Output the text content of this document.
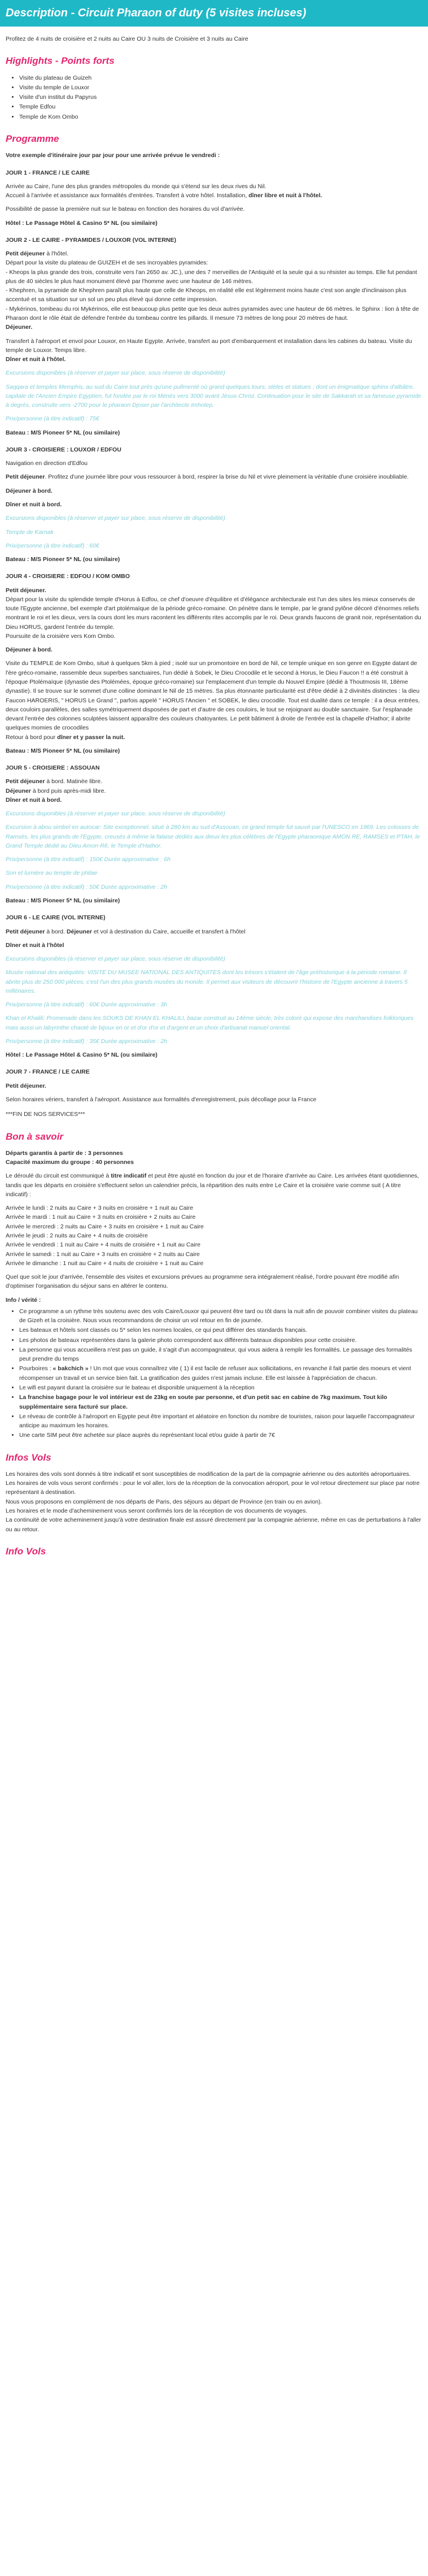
Description - Circuit Pharaon of duty (5 visites incluses)

Profitez de 4 nuits de croisière et 2 nuits au Caire OU 3 nuits de Croisière et 3 nuits au Caire

Highlights - Points forts
• Visite du plateau de Guizeh
• Visite du temple de Louxor
• Visite d'un institut du Papyrus
• Temple Edfou
• Temple de Kom Ombo
Programme

Votre exemple d'itinéraire jour par jour pour une arrivée prévue le vendredi :

JOUR 1 - FRANCE / LE CAIRE

Arrivée au Caire, l'une des plus grandes métropoles du monde qui s'étend sur les deux rives du Nil.

Accueil à l'arrivée et assistance aux formalités d'entrées. Transfert à votre hôtel. Installation, dîner libre et nuit à l'hôtel.

Possibilité de passe la première nuit sur le bateau en fonction des horaires du vol d'arrivée.

Hôtel : Le Passage Hôtel & Casino 5* NL (ou similaire)

JOUR 2 - LE CAIRE - PYRAMIDES / LOUXOR (VOL INTERNE)

Petit déjeuner à l'hôtel.

Départ pour la visite du plateau de GUIZEH et de ses incroyables pyramides:

- Kheops la plus grande des trois, construite vers l'an 2650 av. JC.), une des 7 merveilles de l'Antiquité et la seule qui a su résister au temps. Elle fut pendant plus de 40 siècles le plus haut monument élevé par l'homme avec une hauteur de 146 mètres.

- Khephren, la pyramide de Khephren paraît plus haute que celle de Kheops, en réalité elle est légèrement moins haute c'est son angle d'inclinaison plus accentué et sa situation sur un sol un peu plus élevé qui donne cette impression.

- Mykérinos, tombeau du roi Mykérinos, elle est beaucoup plus petite que les deux autres pyramides avec une hauteur de 66 mètres. le Sphinx : lion à tête de Pharaon dont le rôle était de défendre l'entrée du tombeau contre les pillards. Il mesure 73 mètres de long pour 20 mètres de haut.

Déjeuner.

Transfert à l'aéroport et envol pour Louxor, en Haute Egypte. Arrivée, transfert au port d'embarquement et installation dans les cabines du bateau. Visite du temple de Louxor. Temps libre.

Dîner et nuit à l'hôtel.

Excursions disponibles (à réserver et payer sur place, sous réserve de disponibilité)

Saqqara et temples Memphis, au sud du Caire tout près qu'une pullmenté où grand quelques tours, stèles et statues ; dont un énigmatique sphinx d'albâtre, capitale de l'Ancien Empire Egyptien, fut fondée par le roi Ménès vers 3000 avant Jésus-Christ. Continuation pour le site de Sakkarah et sa fameuse pyramide à degrés, construite vers -2700 pour le pharaon Djoser par l'architecte Imhotep.

Prix/personne (à titre indicatif) : 75€

Bateau : M/S Pioneer 5* NL (ou similaire)

JOUR 3 - CROISIERE : LOUXOR / EDFOU

Navigation en direction d'Edfou

Petit déjeuner. Profitez d'une journée libre pour vous ressourcer à bord, respirer la brise du Nil et vivre pleinement la véritable d'une croisière inoubliable.

Déjeuner à bord.

Dîner et nuit à bord.

Excursions disponibles (à réserver et payer sur place, sous réserve de disponibilité)

Temple de Karnak

Prix/personne (à titre indicatif) : 60€

Bateau : M/S Pioneer 5* NL (ou similaire)

JOUR 4 - CROISIERE : EDFOU / KOM OMBO

Petit déjeuner.

Départ pour la visite du splendide temple d'Horus à Edfou, ce chef d'oeuvre d'équilibre et d'élégance architecturale est l'un des sites les mieux conservés de toute l'Egypte ancienne, bel exemple d'art ptolémaïque de la période gréco-romaine. On pénètre dans le temple, par le grand pylône décoré d'énormes reliefs montrant le roi et les dieux, vers la cours dont les murs racontent les différents rites accomplis par le roi. Deux grands faucons de granit noir, représentation du Dieu HORUS, gardent l'entrée du temple.

Poursuite de la croisière vers Kom Ombo.

Déjeuner à bord.

Visite du TEMPLE de Kom Ombo, situé à quelques 5km à pied ; isolé sur un promontoire en bord de Nil, ce temple unique en son genre en Egypte datant de l'ère gréco-romaine, rassemble deux superbes sanctuaires, l'un dédié à Sobek, le Dieu Crocodile et le second à Horus, le Dieu Faucon !! a été construit à l'époque Ptolémaïque (dynastie des Ptolémées, époque gréco-romaine) sur l'emplacement d'un temple du Nouvel Empire (dédié à Thoutmosis III, 18ème dynastie). Il se trouve sur le sommet d'une colline dominant le Nil de 15 mètres. Sa plus étonnante particularité est d'être dédié à 2 divinités distinctes : la dieu Faucon HAROERIS, " HORUS Le Grand ", parfois appelé " HORUS l'Ancien " et SOBEK, le dieu crocodile. Tout est dualité dans ce temple : il a deux entrées, deux couloirs parallèles, des salles symétriquement disposées de part et d'autre de ces couloirs, le tout se rejoignant au double sanctuaire. Sur l'esplanade devant l'entrée des colonnes sculptées laissent apparaître des couleurs chatoyantes. Le petit bâtiment à droite de l'entrée est la chapelle d'Hathor; il abrite quelques momies de crocodiles

Retour à bord pour dîner et y passer la nuit.

Bateau : M/S Pioneer 5* NL (ou similaire)

JOUR 5 - CROISIERE : ASSOUAN

Petit déjeuner à bord. Matinée libre.

Déjeuner à bord puis après-midi libre.

Dîner et nuit à bord.

Excursions disponibles (à réserver et payer sur place, sous réserve de disponibilité)

Excursion à abou simbel en autocar: Site exceptionnel, situé à 280 km au sud d'Assouan, ce grand temple fut sauvé par l'UNESCO en 1969. Les colosses de Ramsès, les plus grands de l'Egypte, creusés à même la falaise dédiés aux dieux les plus célèbres de l'Egypte pharaonique AMON RE, RAMSES et PTAH, le Grand Temple dédié au Dieu Amon-Rê, le Temple d'Hathor.

Prix/personne (à titre indicatif) : 150€ Durée approximative : 6h

Son et lumière au temple de philae

Prix/personne (à titre indicatif) : 50€ Durée approximative : 2h

Bateau : M/S Pioneer 5* NL (ou similaire)

JOUR 6 - LE CAIRE (VOL INTERNE)

Petit déjeuner à bord. Déjeuner et vol à destination du Caire, accueille et transfert à l'hôtel

Dîner et nuit à l'hôtel

Excursions disponibles (à réserver et payer sur place, sous réserve de disponibilité)

Musée national des antiquités: VISITE DU MUSEE NATIONAL DES ANTIQUITES dont les trésors s'étalent de l'âge préhistorique à la période romaine. Il abrite plus de 250 000 pièces, c'est l'un des plus grands musées du monde. Il permet aux visiteurs de découvrir l'histoire de l'Egypte ancienne à travers 5 millénaires.

Prix/personne (à titre indicatif) : 60€ Durée approximative : 3h

Khan el Khalili: Promenade dans les SOUKS DE KHAN EL KHALILI, bazar construit au 14ème siècle, très coloré qui expose des marchandises folkloriques mais aussi un labyrinthe chaoté de bijoux en or et d'or d'or et d'argent et un choix d'artisanat manuel oriental.

Prix/personne (à titre indicatif) : 35€ Durée approximative : 2h

Hôtel : Le Passage Hôtel & Casino 5* NL (ou similaire)

JOUR 7 - FRANCE / LE CAIRE

Petit déjeuner.

Selon horaires vériers, transfert à l'aéroport. Assistance aux formalités d'enregistrement, puis décollage pour la France

***FIN DE NOS SERVICES***

Bon à savoir

Départs garantis à partir de : 3 personnes

Capacité maximum du groupe : 40 personnes

Le déroulé du circuit est communiqué à titre indicatif et peut être ajusté en fonction du jour et de l'horaire d'arrivée au Caire. Les arrivées étant quotidiennes, tandis que les départs en croisière s'effectuent selon un calendrier précis, la répartition des nuits entre Le Caire et la croisière varie comme suit ( A titre indicatif) :

Arrivée le lundi : 2 nuits au Caire + 3 nuits en croisière + 1 nuit au Caire
Arrivée le mardi : 1 nuit au Caire + 3 nuits en croisière + 2 nuits au Caire
Arrivée le mercredi : 2 nuits au Caire + 3 nuits en croisière + 1 nuit au Caire
Arrivée le jeudi : 2 nuits au Caire + 4 nuits de croisière
Arrivée le vendredi : 1 nuit au Caire + 4 nuits de croisière + 1 nuit au Caire
Arrivée le samedi : 1 nuit au Caire + 3 nuits en croisière + 2 nuits au Caire
Arrivée le dimanche : 1 nuit au Caire + 4 nuits de croisière + 1 nuit au Caire

Quel que soit le jour d'arrivée, l'ensemble des visites et excursions prévues au programme sera intégralement réalisé, l'ordre pouvant être modifié afin d'optimiser l'organisation du séjour sans en altérer le contenu.

Info / vérité :

• Ce programme a un rythme très soutenu avec des vols Caire/Louxor qui peuvent être tard ou tôt dans la nuit afin de pouvoir combiner visites du plateau de Gizeh et la croisière. Nous vous recommandons de choisir un vol retour en fin de journée.
• Les bateaux et hôtels sont classés ou 5* selon les normes locales, ce qui peut différer des standards français.
• Les photos de bateaux représentées dans la galerie photo correspondent aux différents bateaux disponibles pour cette croisière.
• La personne qui vous accueillera n'est pas un guide, il s'agit d'un accompagnateur, qui vous aidera à remplir les formalités. Le passage des formalités peut prendre du temps
• Pourboires : « bakchich » ! Un mot que vous connaîtrez vite ( 1) il est facile de refuser aux sollicitations, en revanche il fait partie des moeurs et vient récompenser un travail et un service bien fait. La gratification des guides n'est jamais incluse. Elle est laissée à l'appréciation de chacun.
• Le wifi est payant durant la croisière sur le bateau et disponible uniquement à la réception
• La franchise bagage pour le vol intérieur est de 23kg en soute par personne, et d'un petit sac en cabine de 7kg maximum. Tout kilo supplémentaire sera facturé sur place.
• Le réveau de contrôle à l'aéroport en Egypte peut être important et aléatoire en fonction du nombre de touristes, raison pour laquelle l'accompagnateur anticipe au maximum les horaires.
• Une carte SIM peut être achetée sur place auprès du représentant local et/ou guide à partir de 7€
Infos Vols

Les horaires des vols sont donnés à titre indicatif et sont susceptibles de modification de la part de la compagnie aérienne ou des autorités aéroportuaires.

Les horaires de vols vous seront confirmés : pour le vol aller, lors de la réception de la convocation aéroport, pour le vol retour directement sur place par notre représentant à destination.

Nous vous proposons en complément de nos départs de Paris, des séjours au départ de Province (en train ou en avion).

Les horaires et le mode d'acheminement vous seront confirmés lors de la réception de vos documents de voyages.

La continuité de votre acheminement jusqu'à votre destination finale est assuré directement par la compagnie aérienne, même en cas de perturbations à l'aller ou au retour.

Info Vols
